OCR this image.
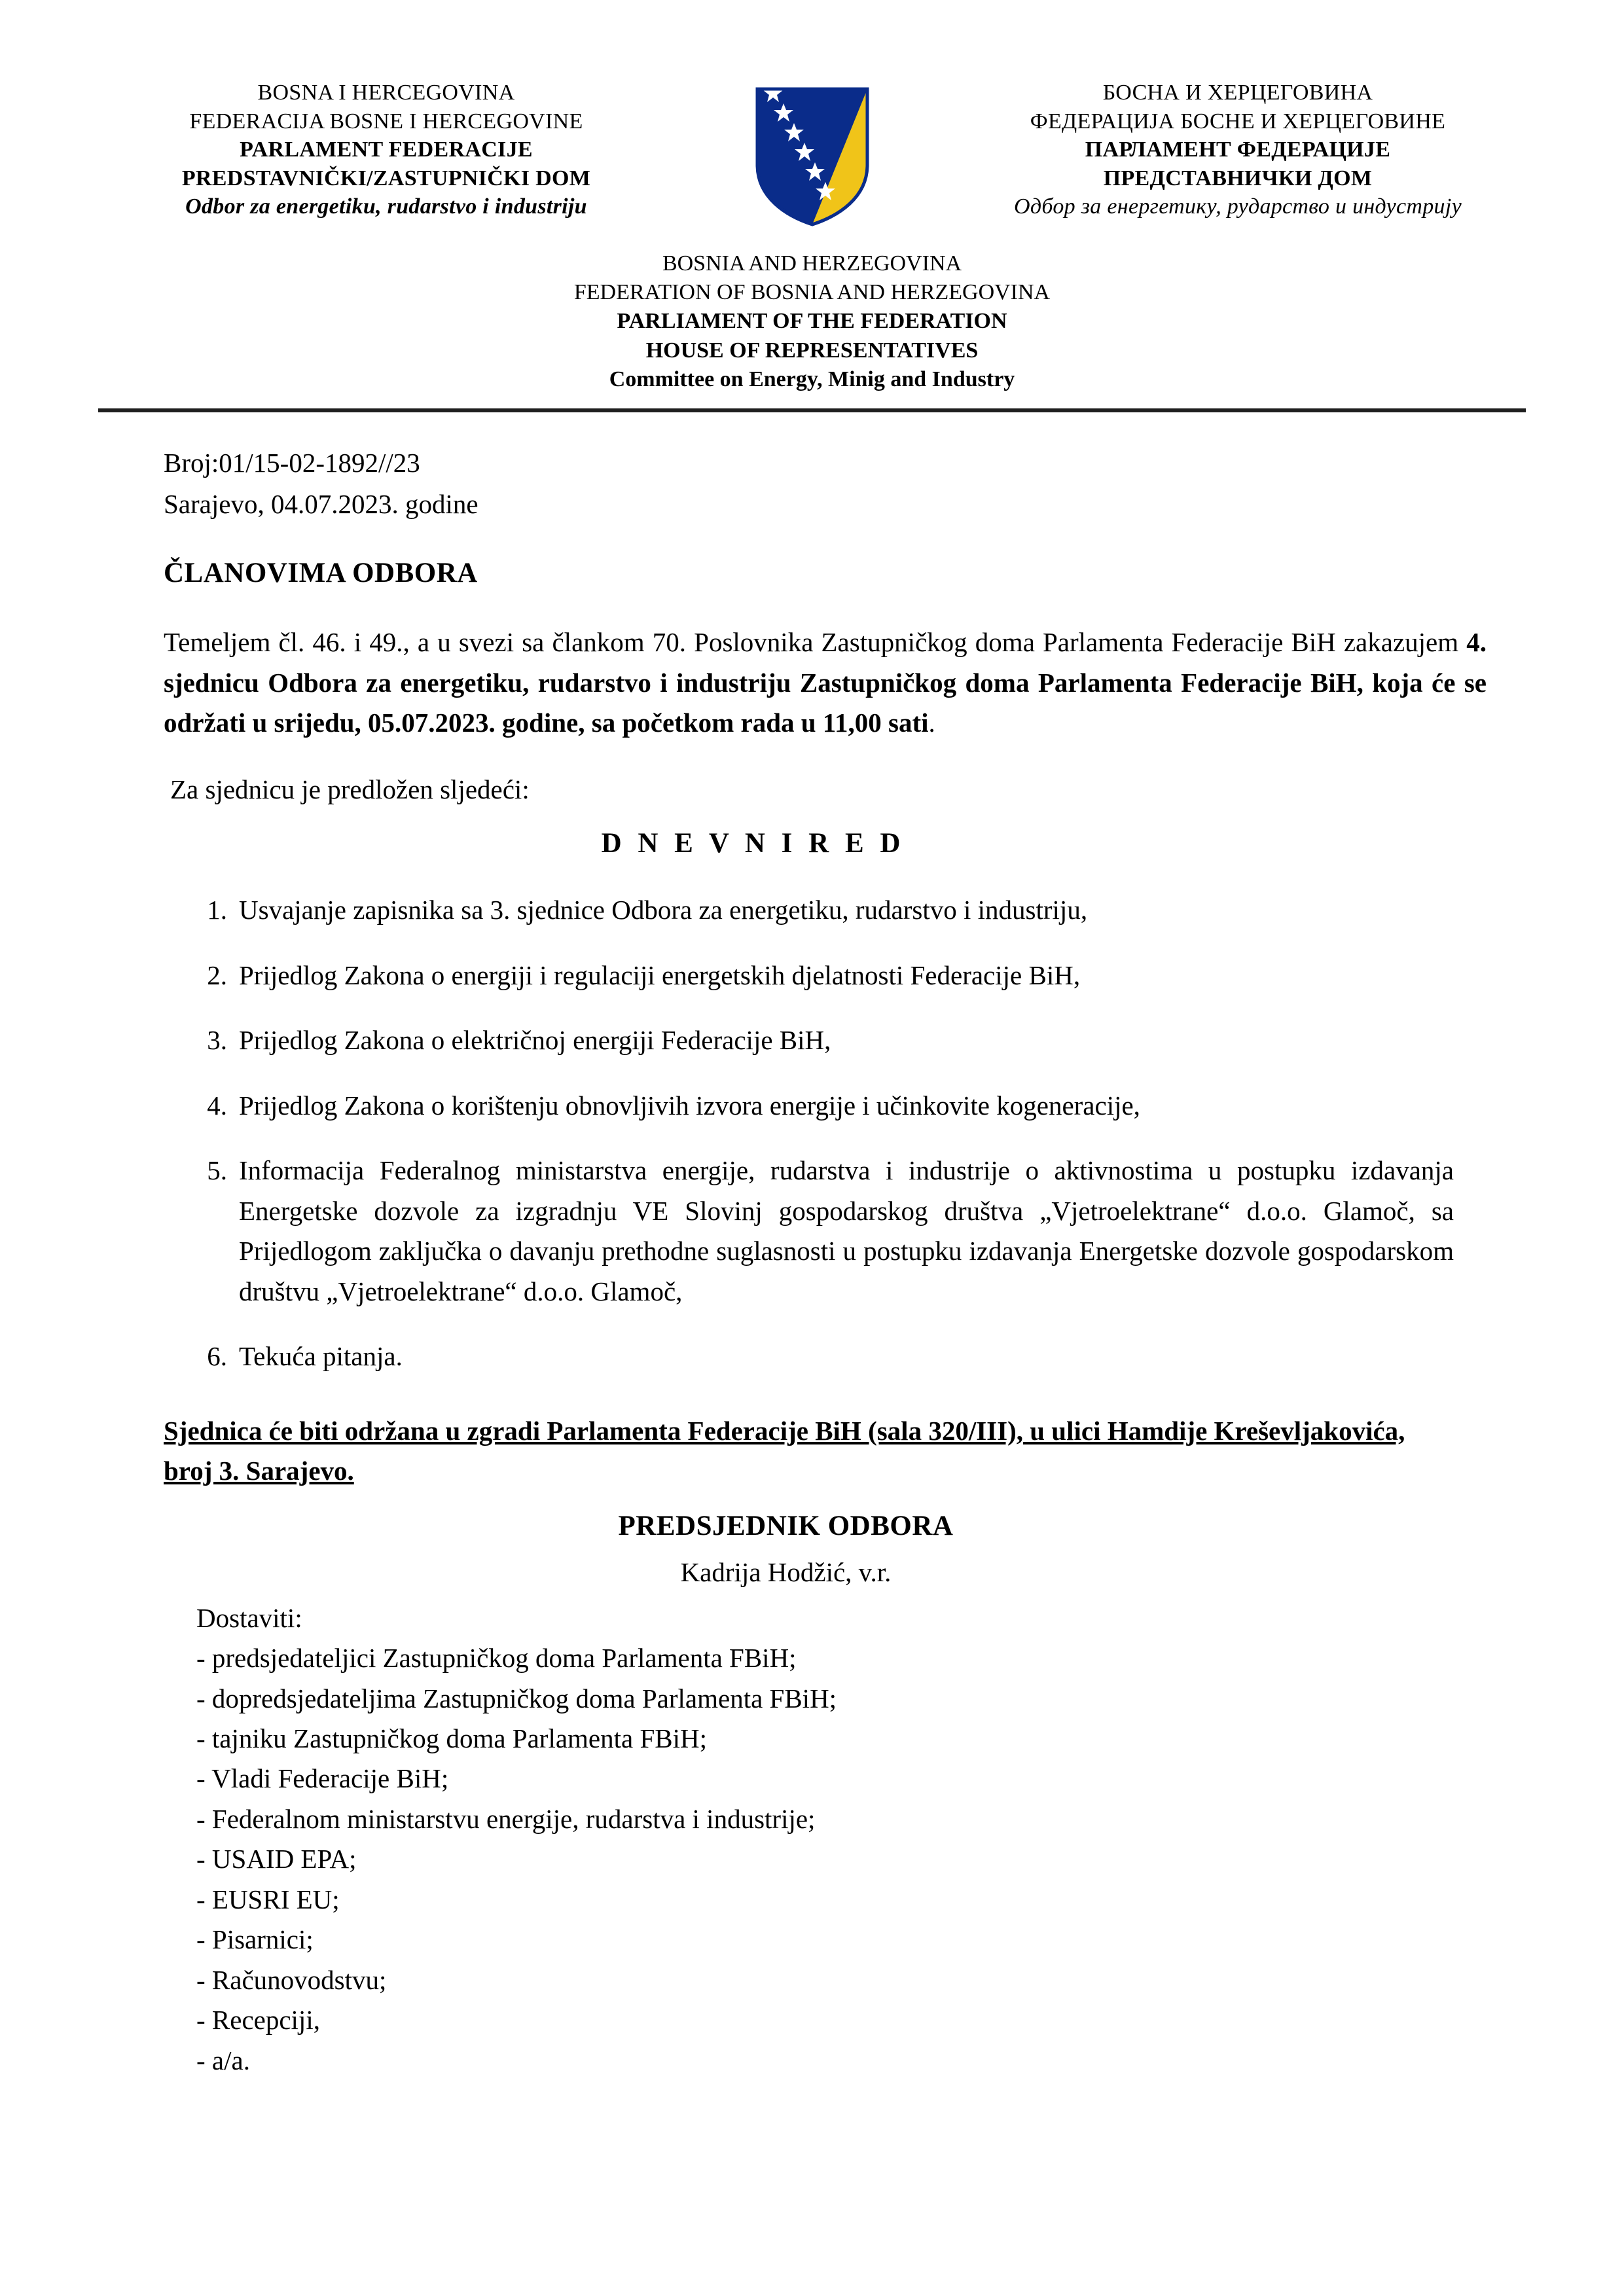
BOSNA I HERCEGOVINA
FEDERACIJA BOSNE I HERCEGOVINE
PARLAMENT FEDERACIJE
PREDSTAVNIČKI/ZASTUPNIČKI DOM
Odbor za energetiku, rudarstvo i industriju
БОСНА И ХЕРЦЕГОВИНА
ФЕДЕРАЦИЈА БОСНЕ И ХЕРЦЕГОВИНЕ
ПАРЛАМЕНТ ФЕДЕРАЦИЈЕ
ПРЕДСТАВНИЧКИ ДОМ
Одбор за енергетику, рударство и индустрију
BOSNIA AND HERZEGOVINA
FEDERATION OF BOSNIA AND HERZEGOVINA
PARLIAMENT OF THE FEDERATION
HOUSE OF REPRESENTATIVES
Committee on Energy, Minig and Industry
Broj:01/15-02-1892//23
Sarajevo, 04.07.2023. godine
ČLANOVIMA ODBORA

Temeljem čl. 46. i 49., a u svezi sa člankom 70. Poslovnika Zastupničkog doma Parlamenta Federacije BiH zakazujem 4. sjednicu Odbora za energetiku, rudarstvo i industriju Zastupničkog doma Parlamenta Federacije BiH, koja će se održati u srijedu, 05.07.2023. godine, sa početkom rada u 11,00 sati.

Za sjednicu je predložen sljedeći:
D N E V N I R E D
Usvajanje zapisnika sa 3. sjednice Odbora za energetiku, rudarstvo i industriju,
Prijedlog Zakona o energiji i regulaciji energetskih djelatnosti Federacije BiH,
Prijedlog Zakona o električnoj energiji Federacije BiH,
Prijedlog Zakona o korištenju obnovljivih izvora energije i učinkovite kogeneracije,
Informacija Federalnog ministarstva energije, rudarstva i industrije o aktivnostima u postupku izdavanja Energetske dozvole za izgradnju VE Slovinj gospodarskog društva „Vjetroelektrane“ d.o.o. Glamoč, sa Prijedlogom zaključka o davanju prethodne suglasnosti u postupku izdavanja Energetske dozvole gospodarskom društvu „Vjetroelektrane“ d.o.o. Glamoč,
Tekuća pitanja.
Sjednica će biti održana u zgradi Parlamenta Federacije BiH (sala 320/III), u ulici Hamdije Kreševljakovića, broj 3. Sarajevo.
PREDSJEDNIK ODBORA
Kadrija Hodžić, v.r.
Dostaviti:
- predsjedateljici Zastupničkog doma Parlamenta FBiH;
- dopredsjedateljima Zastupničkog doma Parlamenta FBiH;
- tajniku Zastupničkog doma Parlamenta FBiH;
- Vladi Federacije BiH;
- Federalnom ministarstvu energije, rudarstva i industrije;
- USAID EPA;
- EUSRI EU;
- Pisarnici;
- Računovodstvu;
- Recepciji,
- a/a.
